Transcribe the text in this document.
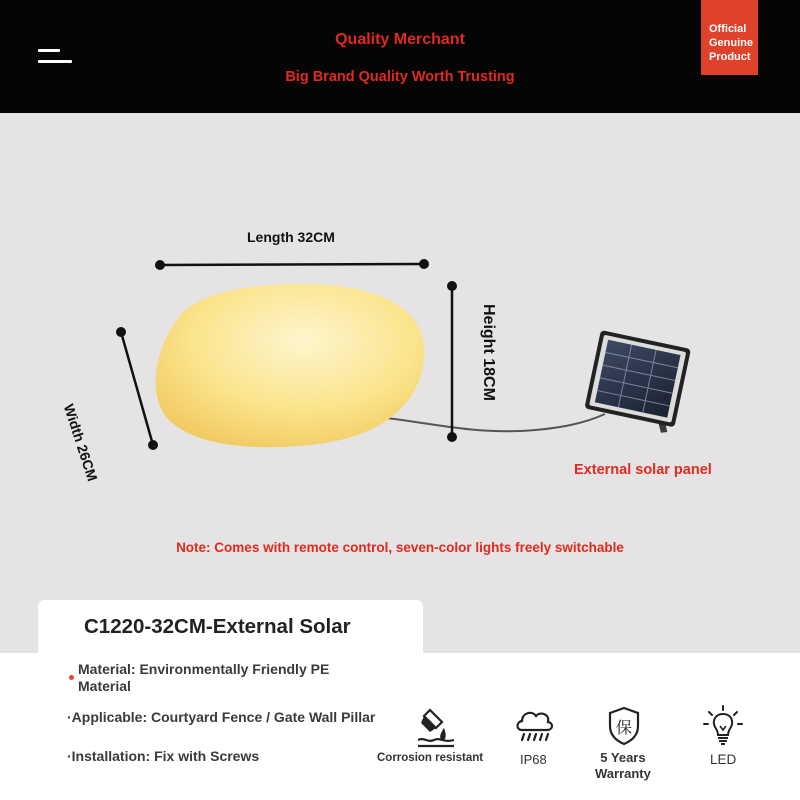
Quality Merchant
Big Brand Quality Worth Trusting
Official
Genuine
Product
Length 32CM
Width 26CM
Height 18CM
External solar panel
Note: Comes with remote control, seven-color lights freely switchable
C1220-32CM-External Solar
Material: Environmentally Friendly PE Material
·Applicable: Courtyard Fence / Gate Wall Pillar
·Installation: Fix with Screws	Corrosion resistant	IP68
保
5 Years
Warranty
LED
